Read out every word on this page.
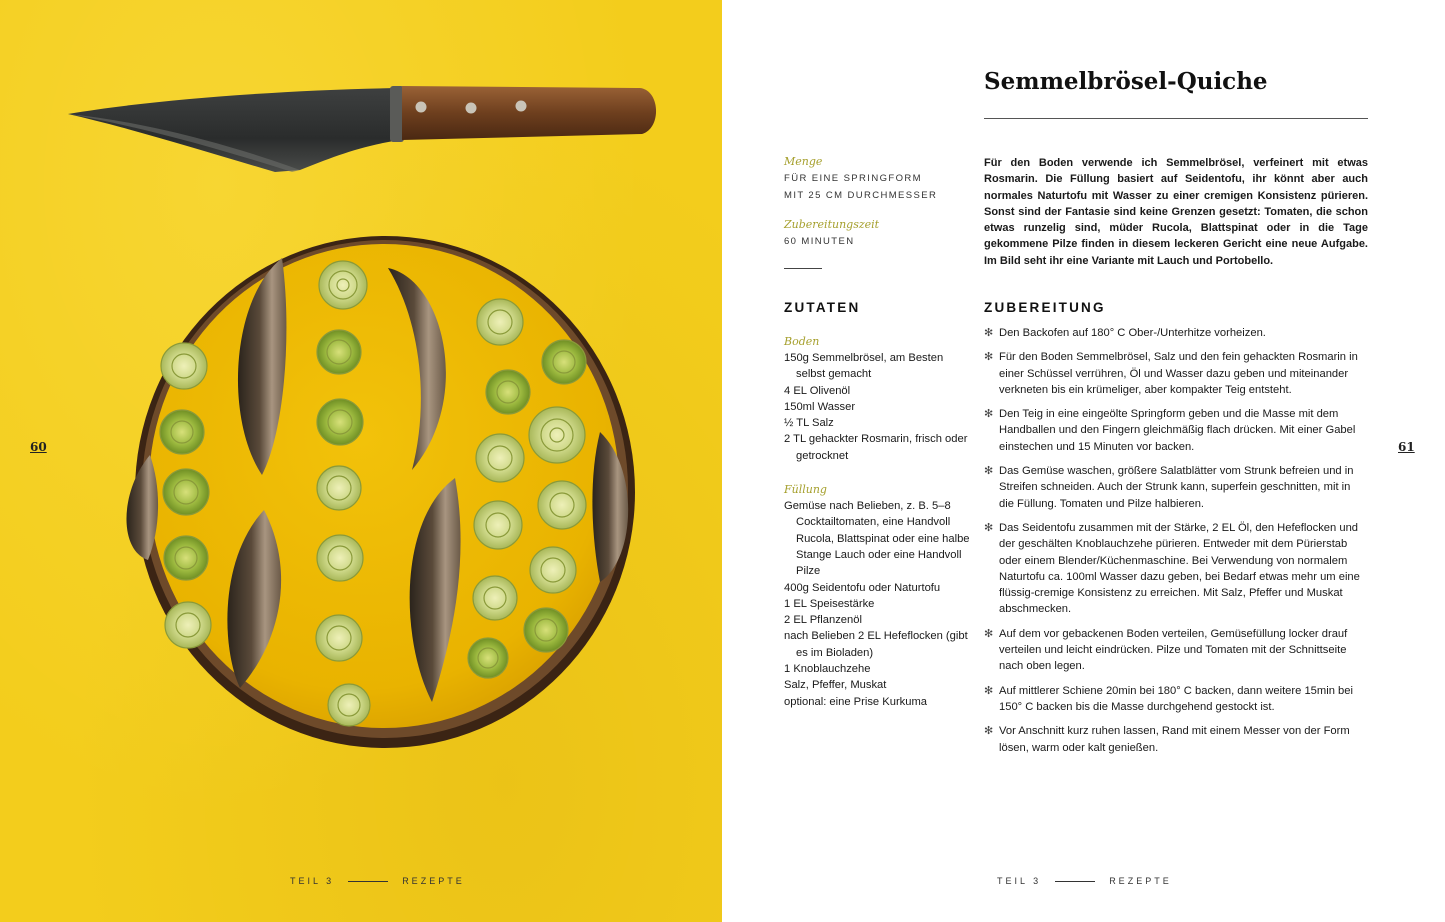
60
TEIL 3	REZEPTE
Semmelbrösel-Quiche
Menge
FÜR EINE SPRINGFORM
MIT 25 CM DURCHMESSER
Zubereitungszeit
60 MINUTEN

Für den Boden verwende ich Semmelbrösel, verfeinert mit etwas Rosmarin. Die Füllung basiert auf Seidentofu, ihr könnt aber auch normales Naturtofu mit Wasser zu einer cremigen Konsistenz pürieren. Sonst sind der Fantasie sind keine Grenzen gesetzt: Tomaten, die schon etwas runzelig sind, müder Rucola, Blattspinat oder in die Tage gekommene Pilze finden in diesem leckeren Gericht eine neue Aufgabe. Im Bild seht ihr eine Variante mit Lauch und Portobello.

ZUTATEN	ZUBEREITUNG
Boden
150g Semmelbrösel, am Besten selbst gemacht
4 EL Olivenöl
150ml Wasser
½ TL Salz
2 TL gehackter Rosmarin, frisch oder getrocknet
Füllung
Gemüse nach Belieben, z. B. 5–8 Cocktailtomaten, eine Handvoll Rucola, Blattspinat oder eine halbe Stange Lauch oder eine Handvoll Pilze
400g Seidentofu oder Naturtofu
1 EL Speisestärke
2 EL Pflanzenöl
nach Belieben 2 EL Hefeflocken (gibt es im Bioladen)
1 Knoblauchzehe
Salz, Pfeffer, Muskat
optional: eine Prise Kurkuma
✻ Den Backofen auf 180° C Ober-/Unterhitze vorheizen.
✻ Für den Boden Semmelbrösel, Salz und den fein gehackten Rosmarin in einer Schüssel verrühren, Öl und Wasser dazu geben und miteinander verkneten bis ein krümeliger, aber kompakter Teig entsteht.
✻ Den Teig in eine eingeölte Springform geben und die Masse mit dem Handballen und den Fingern gleichmäßig flach drücken. Mit einer Gabel einstechen und 15 Minuten vor backen.
✻ Das Gemüse waschen, größere Salatblätter vom Strunk befreien und in Streifen schneiden. Auch der Strunk kann, superfein geschnitten, mit in die Füllung. Tomaten und Pilze halbieren.
✻ Das Seidentofu zusammen mit der Stärke, 2 EL Öl, den Hefeflocken und der geschälten Knoblauchzehe pürieren. Entweder mit dem Pürierstab oder einem Blender/Küchenmaschine. Bei Verwendung von normalem Naturtofu ca. 100ml Wasser dazu geben, bei Bedarf etwas mehr um eine flüssig-cremige Konsistenz zu erreichen. Mit Salz, Pfeffer und Muskat abschmecken.
✻ Auf dem vor gebackenen Boden verteilen, Gemüsefüllung locker drauf verteilen und leicht eindrücken. Pilze und Tomaten mit der Schnittseite nach oben legen.
✻ Auf mittlerer Schiene 20min bei 180° C backen, dann weitere 15min bei 150° C backen bis die Masse durchgehend gestockt ist.
✻ Vor Anschnitt kurz ruhen lassen, Rand mit einem Messer von der Form lösen, warm oder kalt genießen.
61
TEIL 3	REZEPTE
